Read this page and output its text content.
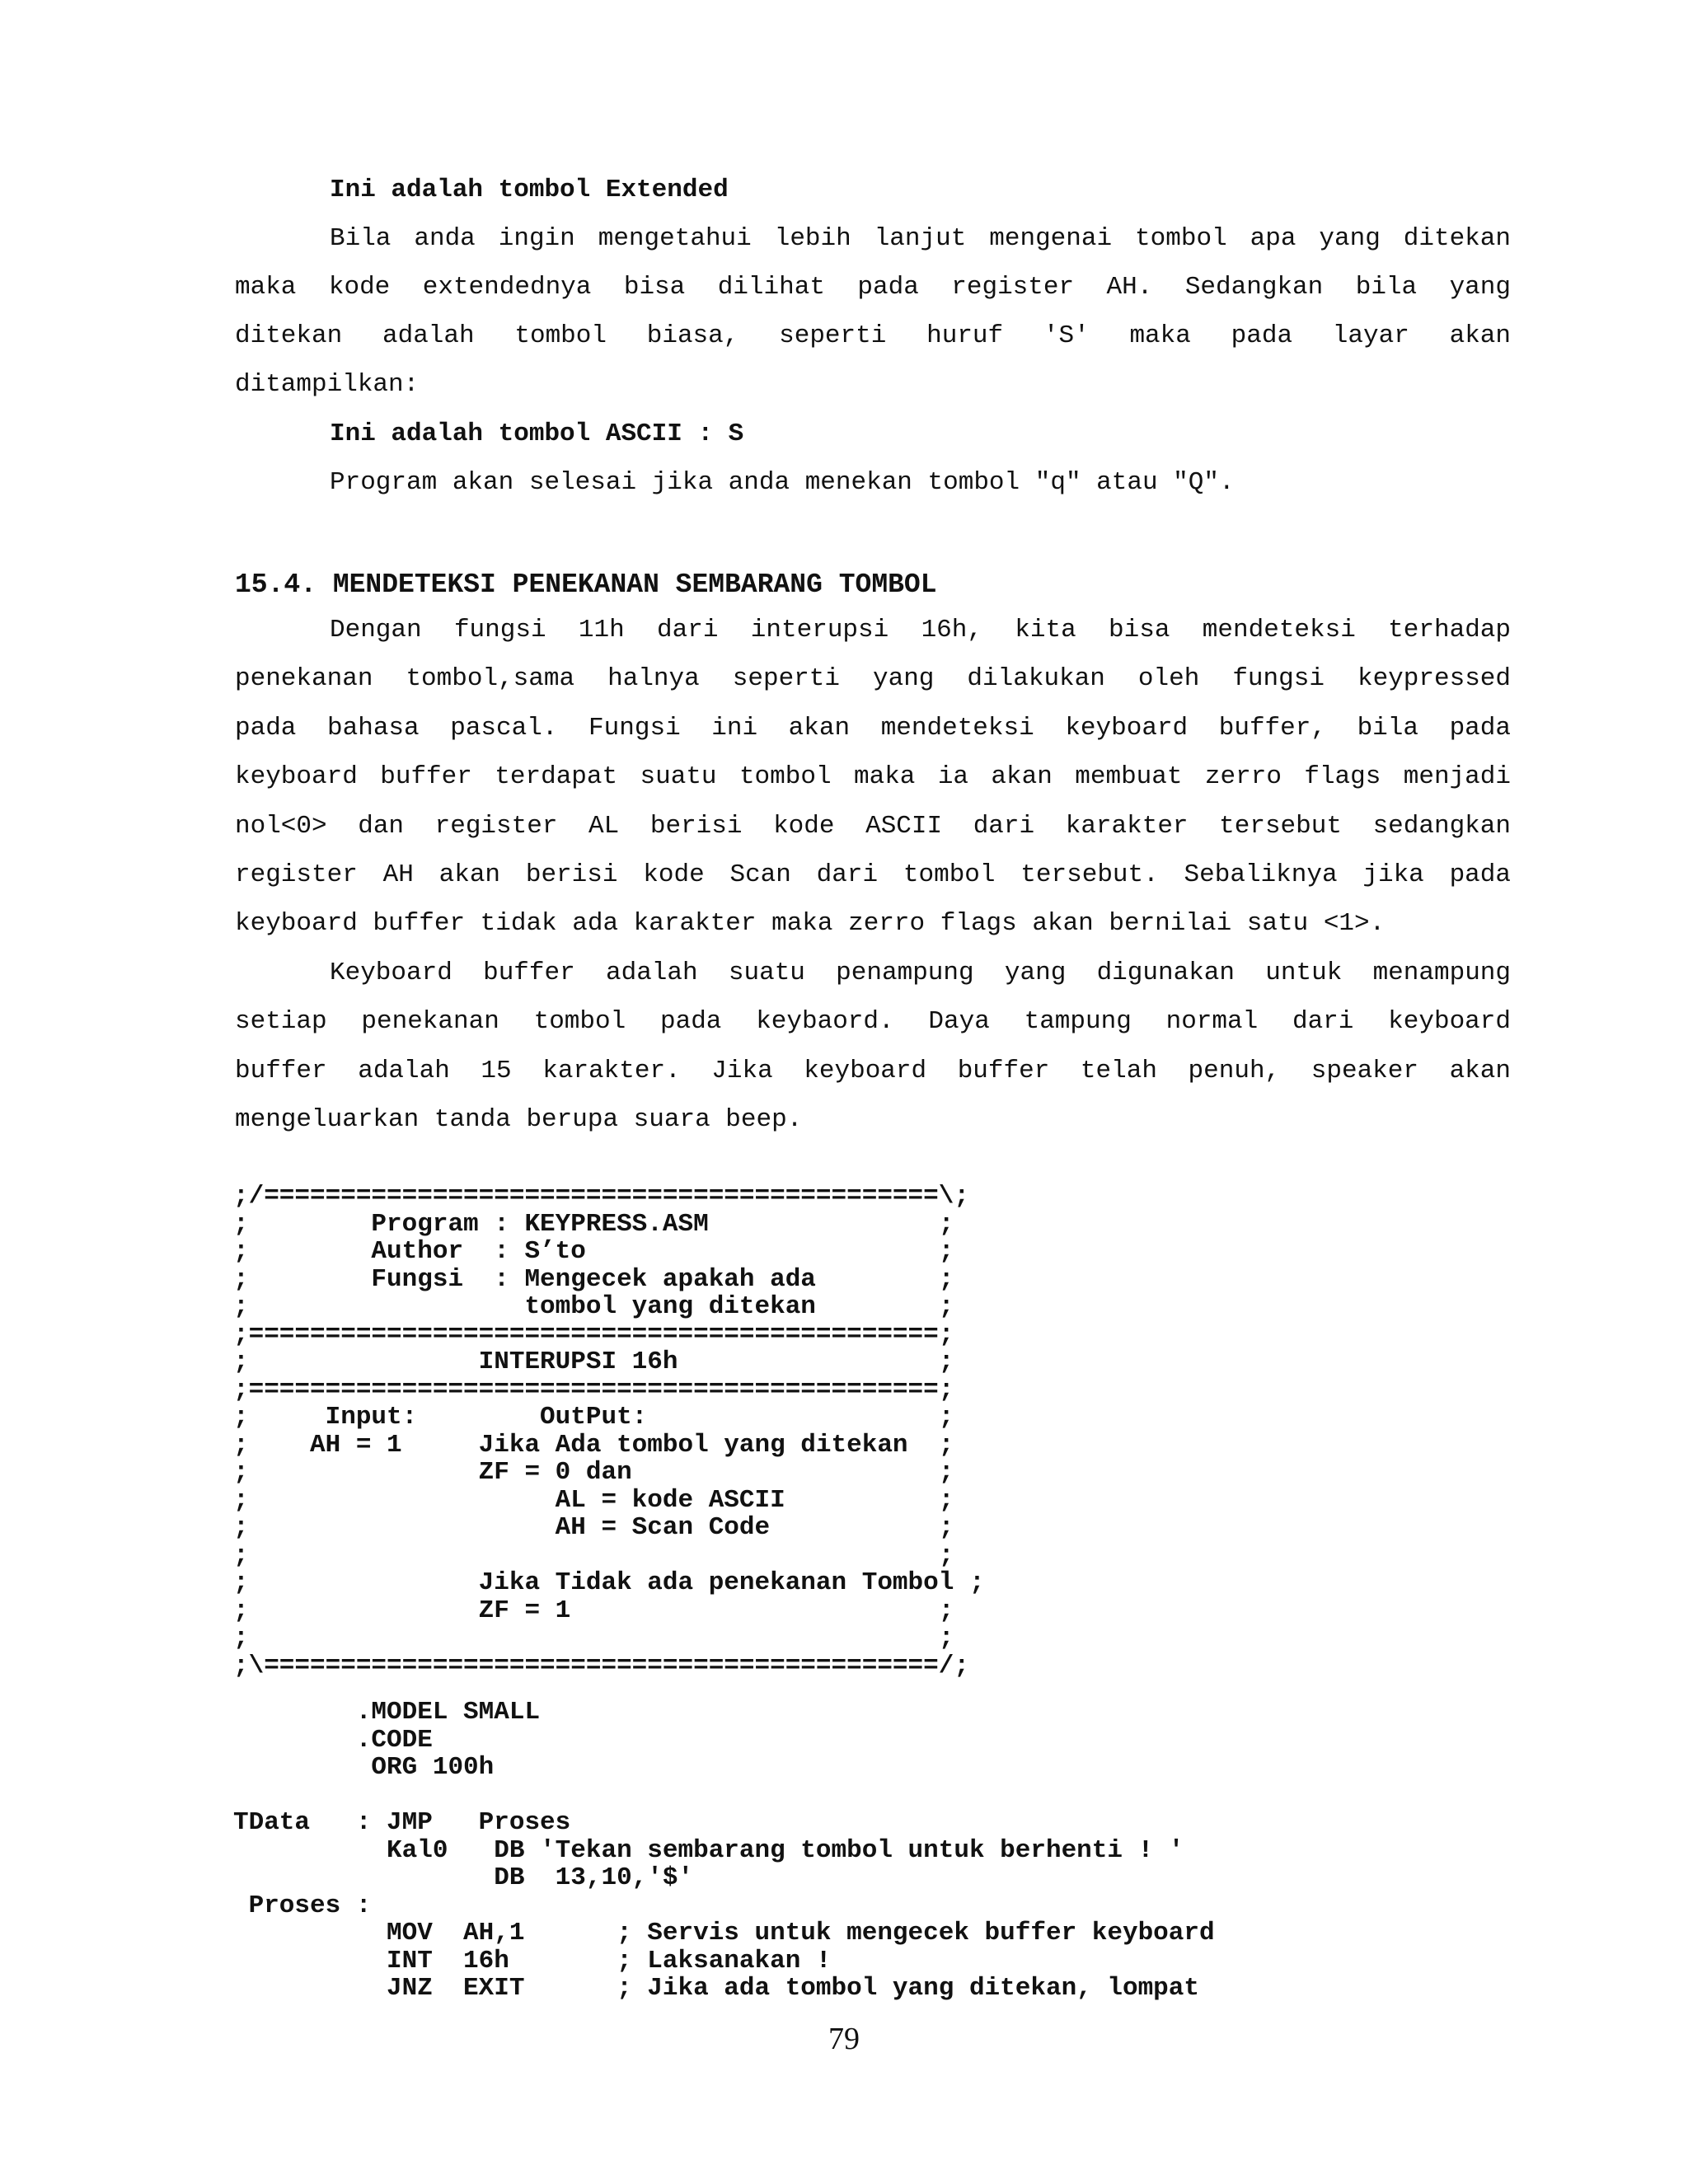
Ini adalah tombol Extended
Bila anda ingin mengetahui lebih lanjut mengenai tombol apa yang ditekan
maka kode extendednya bisa dilihat pada register AH. Sedangkan bila yang
ditekan adalah tombol biasa, seperti huruf 'S' maka pada layar akan
ditampilkan:
Ini adalah tombol ASCII : S
Program akan selesai jika anda menekan tombol "q" atau "Q".
15.4. MENDETEKSI PENEKANAN SEMBARANG TOMBOL
Dengan fungsi 11h dari interupsi 16h, kita bisa mendeteksi terhadap
penekanan tombol,sama halnya seperti yang dilakukan oleh fungsi keypressed
pada bahasa pascal. Fungsi ini akan mendeteksi keyboard buffer, bila pada
keyboard buffer terdapat suatu tombol maka ia akan membuat zerro flags menjadi
nol<0> dan register AL berisi kode ASCII dari karakter tersebut sedangkan
register AH akan berisi kode Scan dari tombol tersebut. Sebaliknya jika pada
keyboard buffer tidak ada karakter maka zerro flags akan bernilai satu <1>.
Keyboard buffer adalah suatu penampung yang digunakan untuk menampung
setiap penekanan tombol pada keybaord. Daya tampung normal dari keyboard
buffer adalah 15 karakter. Jika keyboard buffer telah penuh, speaker akan
mengeluarkan tanda berupa suara beep.
;/============================================\;
;        Program : KEYPRESS.ASM               ;
;        Author  : S’to                       ;
;        Fungsi  : Mengecek apakah ada        ;
;                  tombol yang ditekan        ;
;=============================================;
;               INTERUPSI 16h                 ;
;=============================================;
;     Input:        OutPut:                   ;
;    AH = 1     Jika Ada tombol yang ditekan  ;
;               ZF = 0 dan                    ;
;                    AL = kode ASCII          ;
;                    AH = Scan Code           ;
;                                             ;
;               Jika Tidak ada penekanan Tombol ;
;               ZF = 1                        ;
;                                             ;
;\============================================/;
.MODEL SMALL
.CODE
ORG 100h

TData   : JMP   Proses
Kal0   DB 'Tekan sembarang tombol untuk berhenti ! '
DB  13,10,'$'
Proses :
MOV  AH,1      ; Servis untuk mengecek buffer keyboard
INT  16h       ; Laksanakan !
JNZ  EXIT      ; Jika ada tombol yang ditekan, lompat
79
